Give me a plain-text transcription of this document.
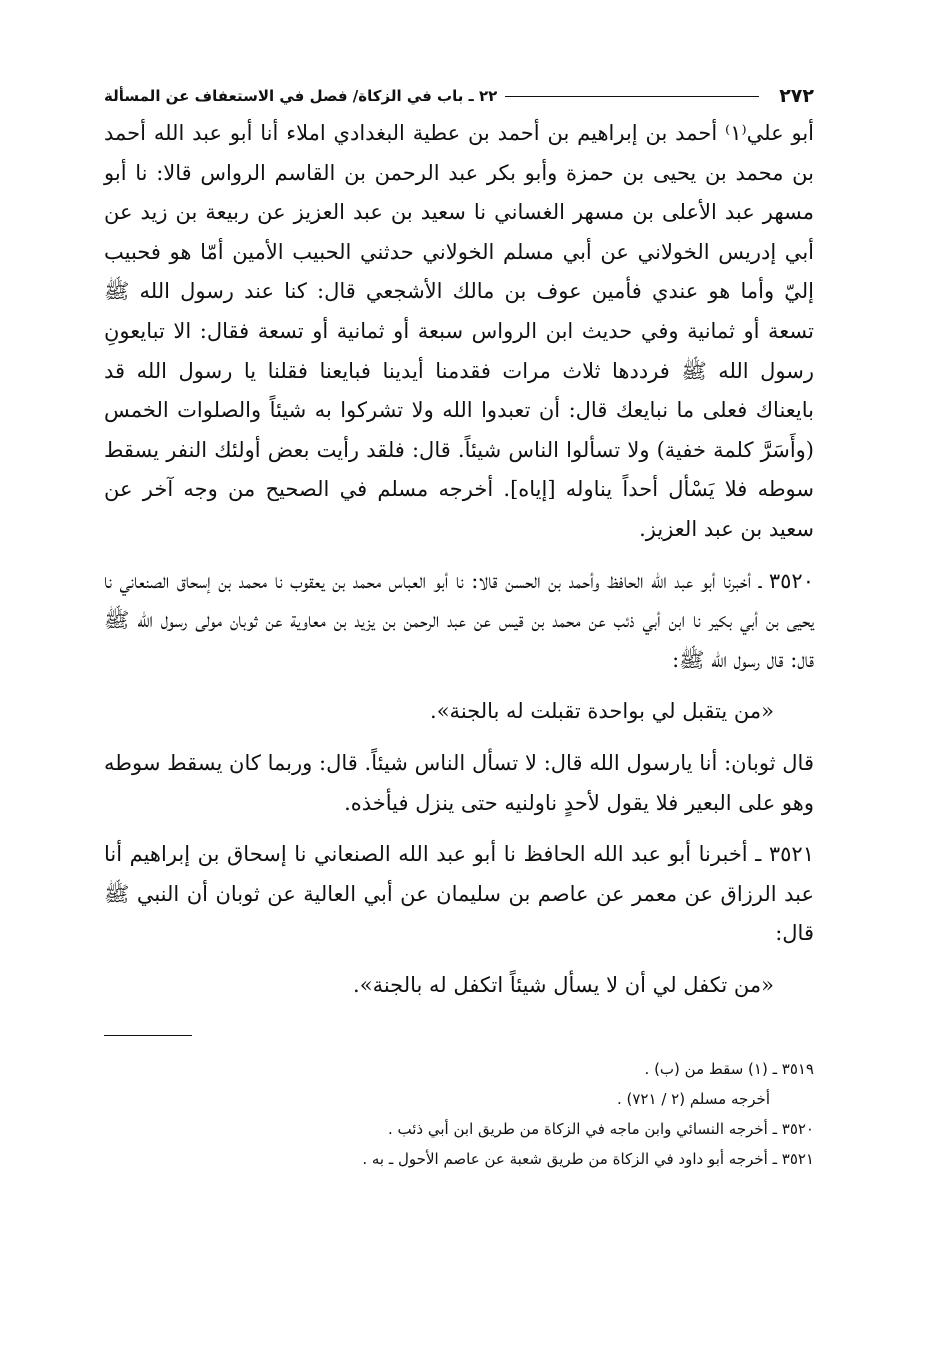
٢٧٢
٢٢ ـ باب في الزكاة/ فصل في الاستعفاف عن المسألة

أبو علي⁽١⁾ أحمد بن إبراهيم بن أحمد بن عطية البغدادي املاء أنا أبو عبد الله أحمد بن محمد بن يحيى بن حمزة وأبو بكر عبد الرحمن بن القاسم الرواس قالا: نا أبو مسهر عبد الأعلى بن مسهر الغساني نا سعيد بن عبد العزيز عن ربيعة بن زيد عن أبي إدريس الخولاني عن أبي مسلم الخولاني حدثني الحبيب الأمين أمّا هو فحبيب إليّ وأما هو عندي فأمين عوف بن مالك الأشجعي قال: كنا عند رسول الله ﷺ تسعة أو ثمانية وفي حديث ابن الرواس سبعة أو ثمانية أو تسعة فقال: الا تبايعونِ رسول الله ﷺ فرددها ثلاث مرات فقدمنا أيدينا فبايعنا فقلنا يا رسول الله قد بايعناك فعلى ما نبايعك قال: أن تعبدوا الله ولا تشركوا به شيئاً والصلوات الخمس (وأَسَرَّ كلمة خفية) ولا تسألوا الناس شيئاً. قال: فلقد رأيت بعض أولئك النفر يسقط سوطه فلا يَسْأل أحداً يناوله [إياه]. أخرجه مسلم في الصحيح من وجه آخر عن سعيد بن عبد العزيز.

٣٥٢٠ ـ أخبرنا أبو عبد الله الحافظ وأحمد بن الحسن قالا: نا أبو العباس محمد بن يعقوب نا محمد بن إسحاق الصنعاني نا يحيى بن أبي بكير نا ابن أبي ذئب عن محمد بن قيس عن عبد الرحمن بن يزيد بن معاوية عن ثوبان مولى رسول الله ﷺ قال: قال رسول الله ﷺ:

«من يتقبل لي بواحدة تقبلت له بالجنة».

قال ثوبان: أنا يارسول الله قال: لا تسأل الناس شيئاً. قال: وربما كان يسقط سوطه وهو على البعير فلا يقول لأحدٍ ناولنيه حتى ينزل فيأخذه.

٣٥٢١ ـ أخبرنا أبو عبد الله الحافظ نا أبو عبد الله الصنعاني نا إسحاق بن إبراهيم أنا عبد الرزاق عن معمر عن عاصم بن سليمان عن أبي العالية عن ثوبان أن النبي ﷺ قال:

«من تكفل لي أن لا يسأل شيئاً اتكفل له بالجنة».

٣٥١٩ ـ (١) سقط من (ب) .

أخرجه مسلم (٢ / ٧٢١) .

٣٥٢٠ ـ أخرجه النسائي وابن ماجه في الزكاة من طريق ابن أبي ذئب .

٣٥٢١ ـ أخرجه أبو داود في الزكاة من طريق شعبة عن عاصم الأحول ـ به .
